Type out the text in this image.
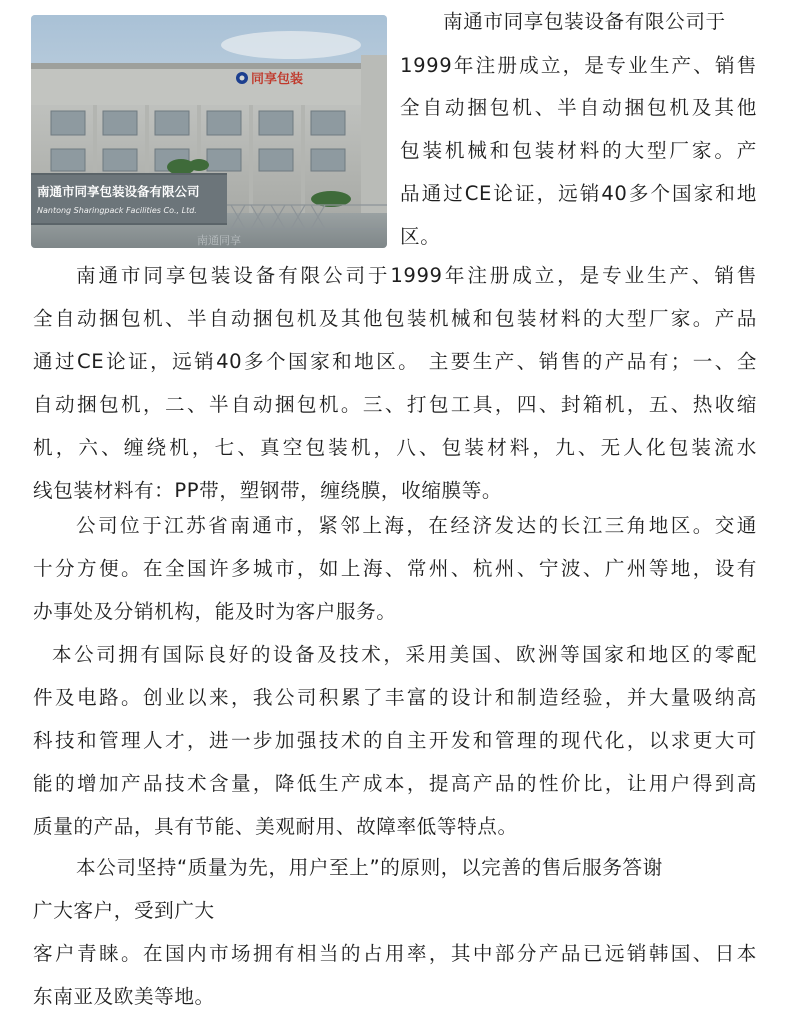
同享包装
南通市同享包装设备有限公司
Nantong Sharingpack Facilities Co., Ltd.
南通同享
南通市同享包装设备有限公司于
1999年注册成立，是专业生产、销售
全自动捆包机、半自动捆包机及其他
包装机械和包装材料的大型厂家。产
品通过CE论证，远销40多个国家和地
区。
南通市同享包装设备有限公司于1999年注册成立，是专业生产、销售
全自动捆包机、半自动捆包机及其他包装机械和包装材料的大型厂家。产品
通过CE论证，远销40多个国家和地区。 主要生产、销售的产品有；一、全
自动捆包机，二、半自动捆包机。三、打包工具，四、封箱机，五、热收缩
机，六、缠绕机，七、真空包装机，八、包装材料，九、无人化包装流水
线包装材料有：PP带，塑钢带，缠绕膜，收缩膜等。
公司位于江苏省南通市，紧邻上海，在经济发达的长江三角地区。交通
十分方便。在全国许多城市，如上海、常州、杭州、宁波、广州等地，设有
办事处及分销机构，能及时为客户服务。
本公司拥有国际良好的设备及技术，采用美国、欧洲等国家和地区的零配
件及电路。创业以来，我公司积累了丰富的设计和制造经验，并大量吸纳高
科技和管理人才，进一步加强技术的自主开发和管理的现代化，以求更大可
能的增加产品技术含量，降低生产成本，提高产品的性价比，让用户得到高
质量的产品，具有节能、美观耐用、故障率低等特点。
本公司坚持“质量为先，用户至上”的原则，以完善的售后服务答谢
广大客户，受到广大
客户青睐。在国内市场拥有相当的占用率，其中部分产品已远销韩国、日本
东南亚及欧美等地。
